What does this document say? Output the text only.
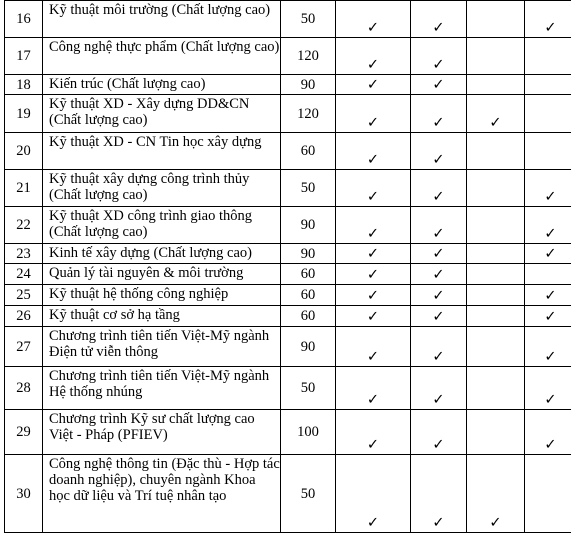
16	Kỹ thuật môi trường (Chất lượng cao)	50	✓	✓		✓
17	Công nghệ thực phẩm (Chất lượng cao)	120	✓	✓		
18	Kiến trúc (Chất lượng cao)	90	✓	✓		
19	Kỹ thuật XD - Xây dựng DD&CN (Chất lượng cao)	120	✓	✓	✓	
20	Kỹ thuật XD - CN Tin học xây dựng	60	✓	✓		
21	Kỹ thuật xây dựng công trình thủy (Chất lượng cao)	50	✓	✓		✓
22	Kỹ thuật XD công trình giao thông (Chất lượng cao)	90	✓	✓		✓
23	Kinh tế xây dựng (Chất lượng cao)	90	✓	✓		✓
24	Quản lý tài nguyên & môi trường	60	✓	✓		
25	Kỹ thuật hệ thống công nghiệp	60	✓	✓		✓
26	Kỹ thuật cơ sở hạ tầng	60	✓	✓		✓
27	Chương trình tiên tiến Việt-Mỹ ngành Điện tử viễn thông	90	✓	✓		✓
28	Chương trình tiên tiến Việt-Mỹ ngành Hệ thống nhúng	50	✓	✓		✓
29	Chương trình Kỹ sư chất lượng cao Việt - Pháp (PFIEV)	100	✓	✓		✓
30	Công nghệ thông tin (Đặc thù - Hợp tác doanh nghiệp), chuyên ngành Khoa học dữ liệu và Trí tuệ nhân tạo	50	✓	✓	✓	
